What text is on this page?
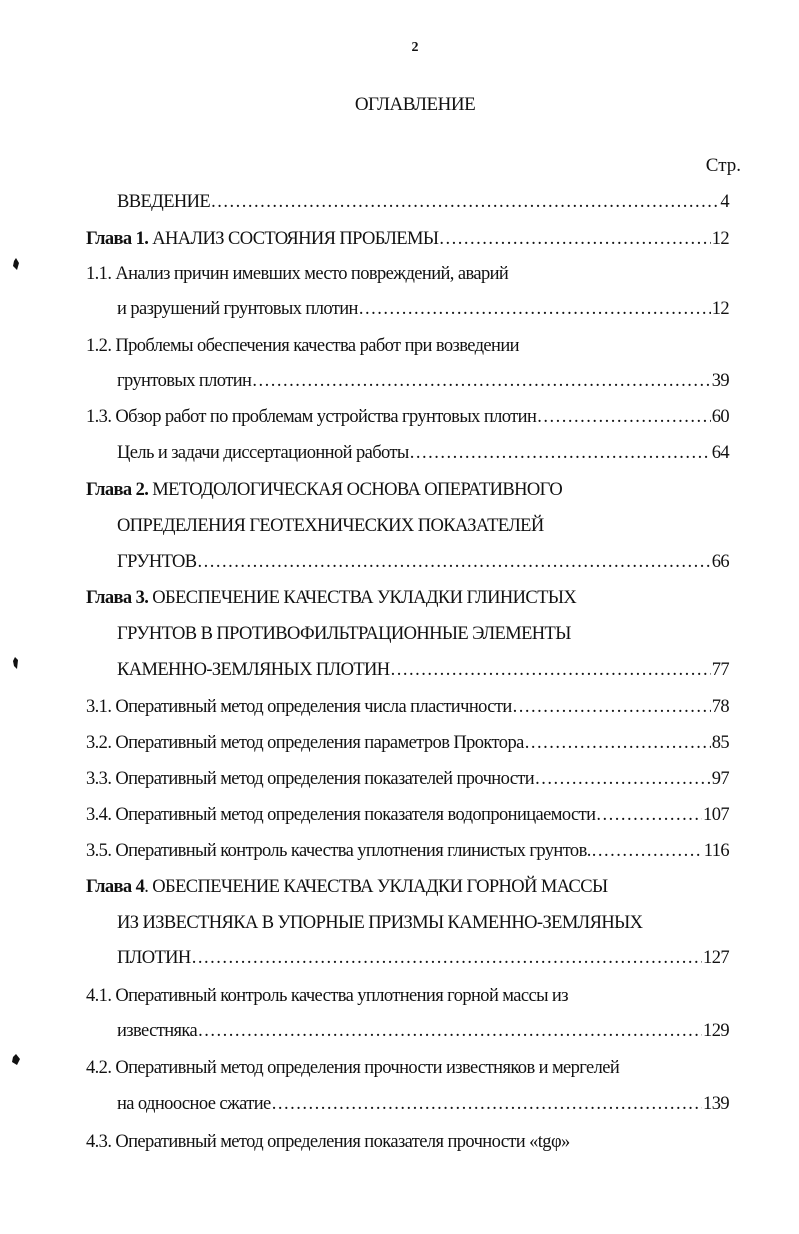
2
ОГЛАВЛЕНИЕ
Стр.
ВВЕДЕНИЕ .....	4
Глава 1. АНАЛИЗ СОСТОЯНИЯ ПРОБЛЕМЫ .....	12
1.1. Анализ причин имевших место повреждений, аварий
и разрушений грунтовых плотин .....	12
1.2. Проблемы обеспечения качества работ при возведении
грунтовых плотин .....	39
1.3. Обзор работ по проблемам устройства грунтовых плотин .....	60
Цель и задачи диссертационной работы .....	64
Глава 2. МЕТОДОЛОГИЧЕСКАЯ ОСНОВА ОПЕРАТИВНОГО
ОПРЕДЕЛЕНИЯ ГЕОТЕХНИЧЕСКИХ ПОКАЗАТЕЛЕЙ
ГРУНТОВ .....	66
Глава 3. ОБЕСПЕЧЕНИЕ КАЧЕСТВА УКЛАДКИ ГЛИНИСТЫХ
ГРУНТОВ В ПРОТИВОФИЛЬТРАЦИОННЫЕ ЭЛЕМЕНТЫ
КАМЕННО-ЗЕМЛЯНЫХ ПЛОТИН .....	77
3.1. Оперативный метод определения числа пластичности .....	78
3.2. Оперативный метод определения параметров Проктора .....	85
3.3. Оперативный метод определения показателей прочности .....	97
3.4. Оперативный метод определения показателя водопроницаемости .....	107
3.5. Оперативный контроль качества уплотнения глинистых грунтов. .....	116
Глава 4. ОБЕСПЕЧЕНИЕ КАЧЕСТВА УКЛАДКИ ГОРНОЙ МАССЫ
ИЗ ИЗВЕСТНЯКА В УПОРНЫЕ ПРИЗМЫ КАМЕННО-ЗЕМЛЯНЫХ
ПЛОТИН .....	127
4.1. Оперативный контроль качества уплотнения горной массы из
известняка .....	129
4.2. Оперативный метод определения прочности известняков и мергелей
на одноосное сжатие .....	139
4.3. Оперативный метод определения показателя прочности «tgφ»
